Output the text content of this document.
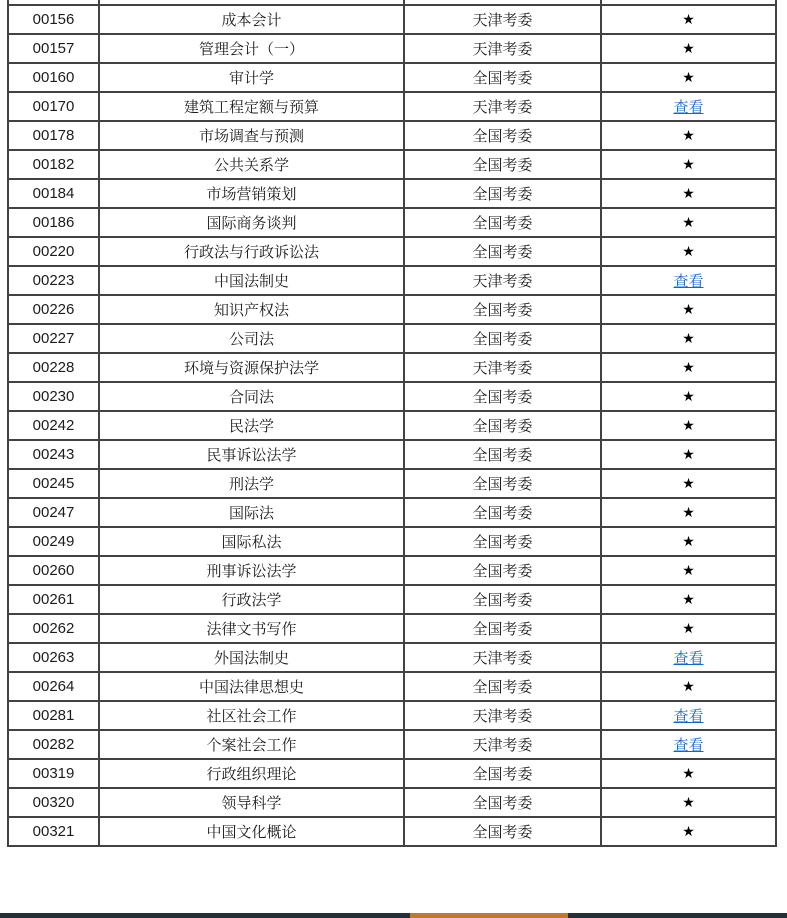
00156	成本会计	天津考委	★
00157	管理会计（一）	天津考委	★
00160	审计学	全国考委	★
00170	建筑工程定额与预算	天津考委	查看
00178	市场调查与预测	全国考委	★
00182	公共关系学	全国考委	★
00184	市场营销策划	全国考委	★
00186	国际商务谈判	全国考委	★
00220	行政法与行政诉讼法	全国考委	★
00223	中国法制史	天津考委	查看
00226	知识产权法	全国考委	★
00227	公司法	全国考委	★
00228	环境与资源保护法学	天津考委	★
00230	合同法	全国考委	★
00242	民法学	全国考委	★
00243	民事诉讼法学	全国考委	★
00245	刑法学	全国考委	★
00247	国际法	全国考委	★
00249	国际私法	全国考委	★
00260	刑事诉讼法学	全国考委	★
00261	行政法学	全国考委	★
00262	法律文书写作	全国考委	★
00263	外国法制史	天津考委	查看
00264	中国法律思想史	全国考委	★
00281	社区社会工作	天津考委	查看
00282	个案社会工作	天津考委	查看
00319	行政组织理论	全国考委	★
00320	领导科学	全国考委	★
00321	中国文化概论	全国考委	★
